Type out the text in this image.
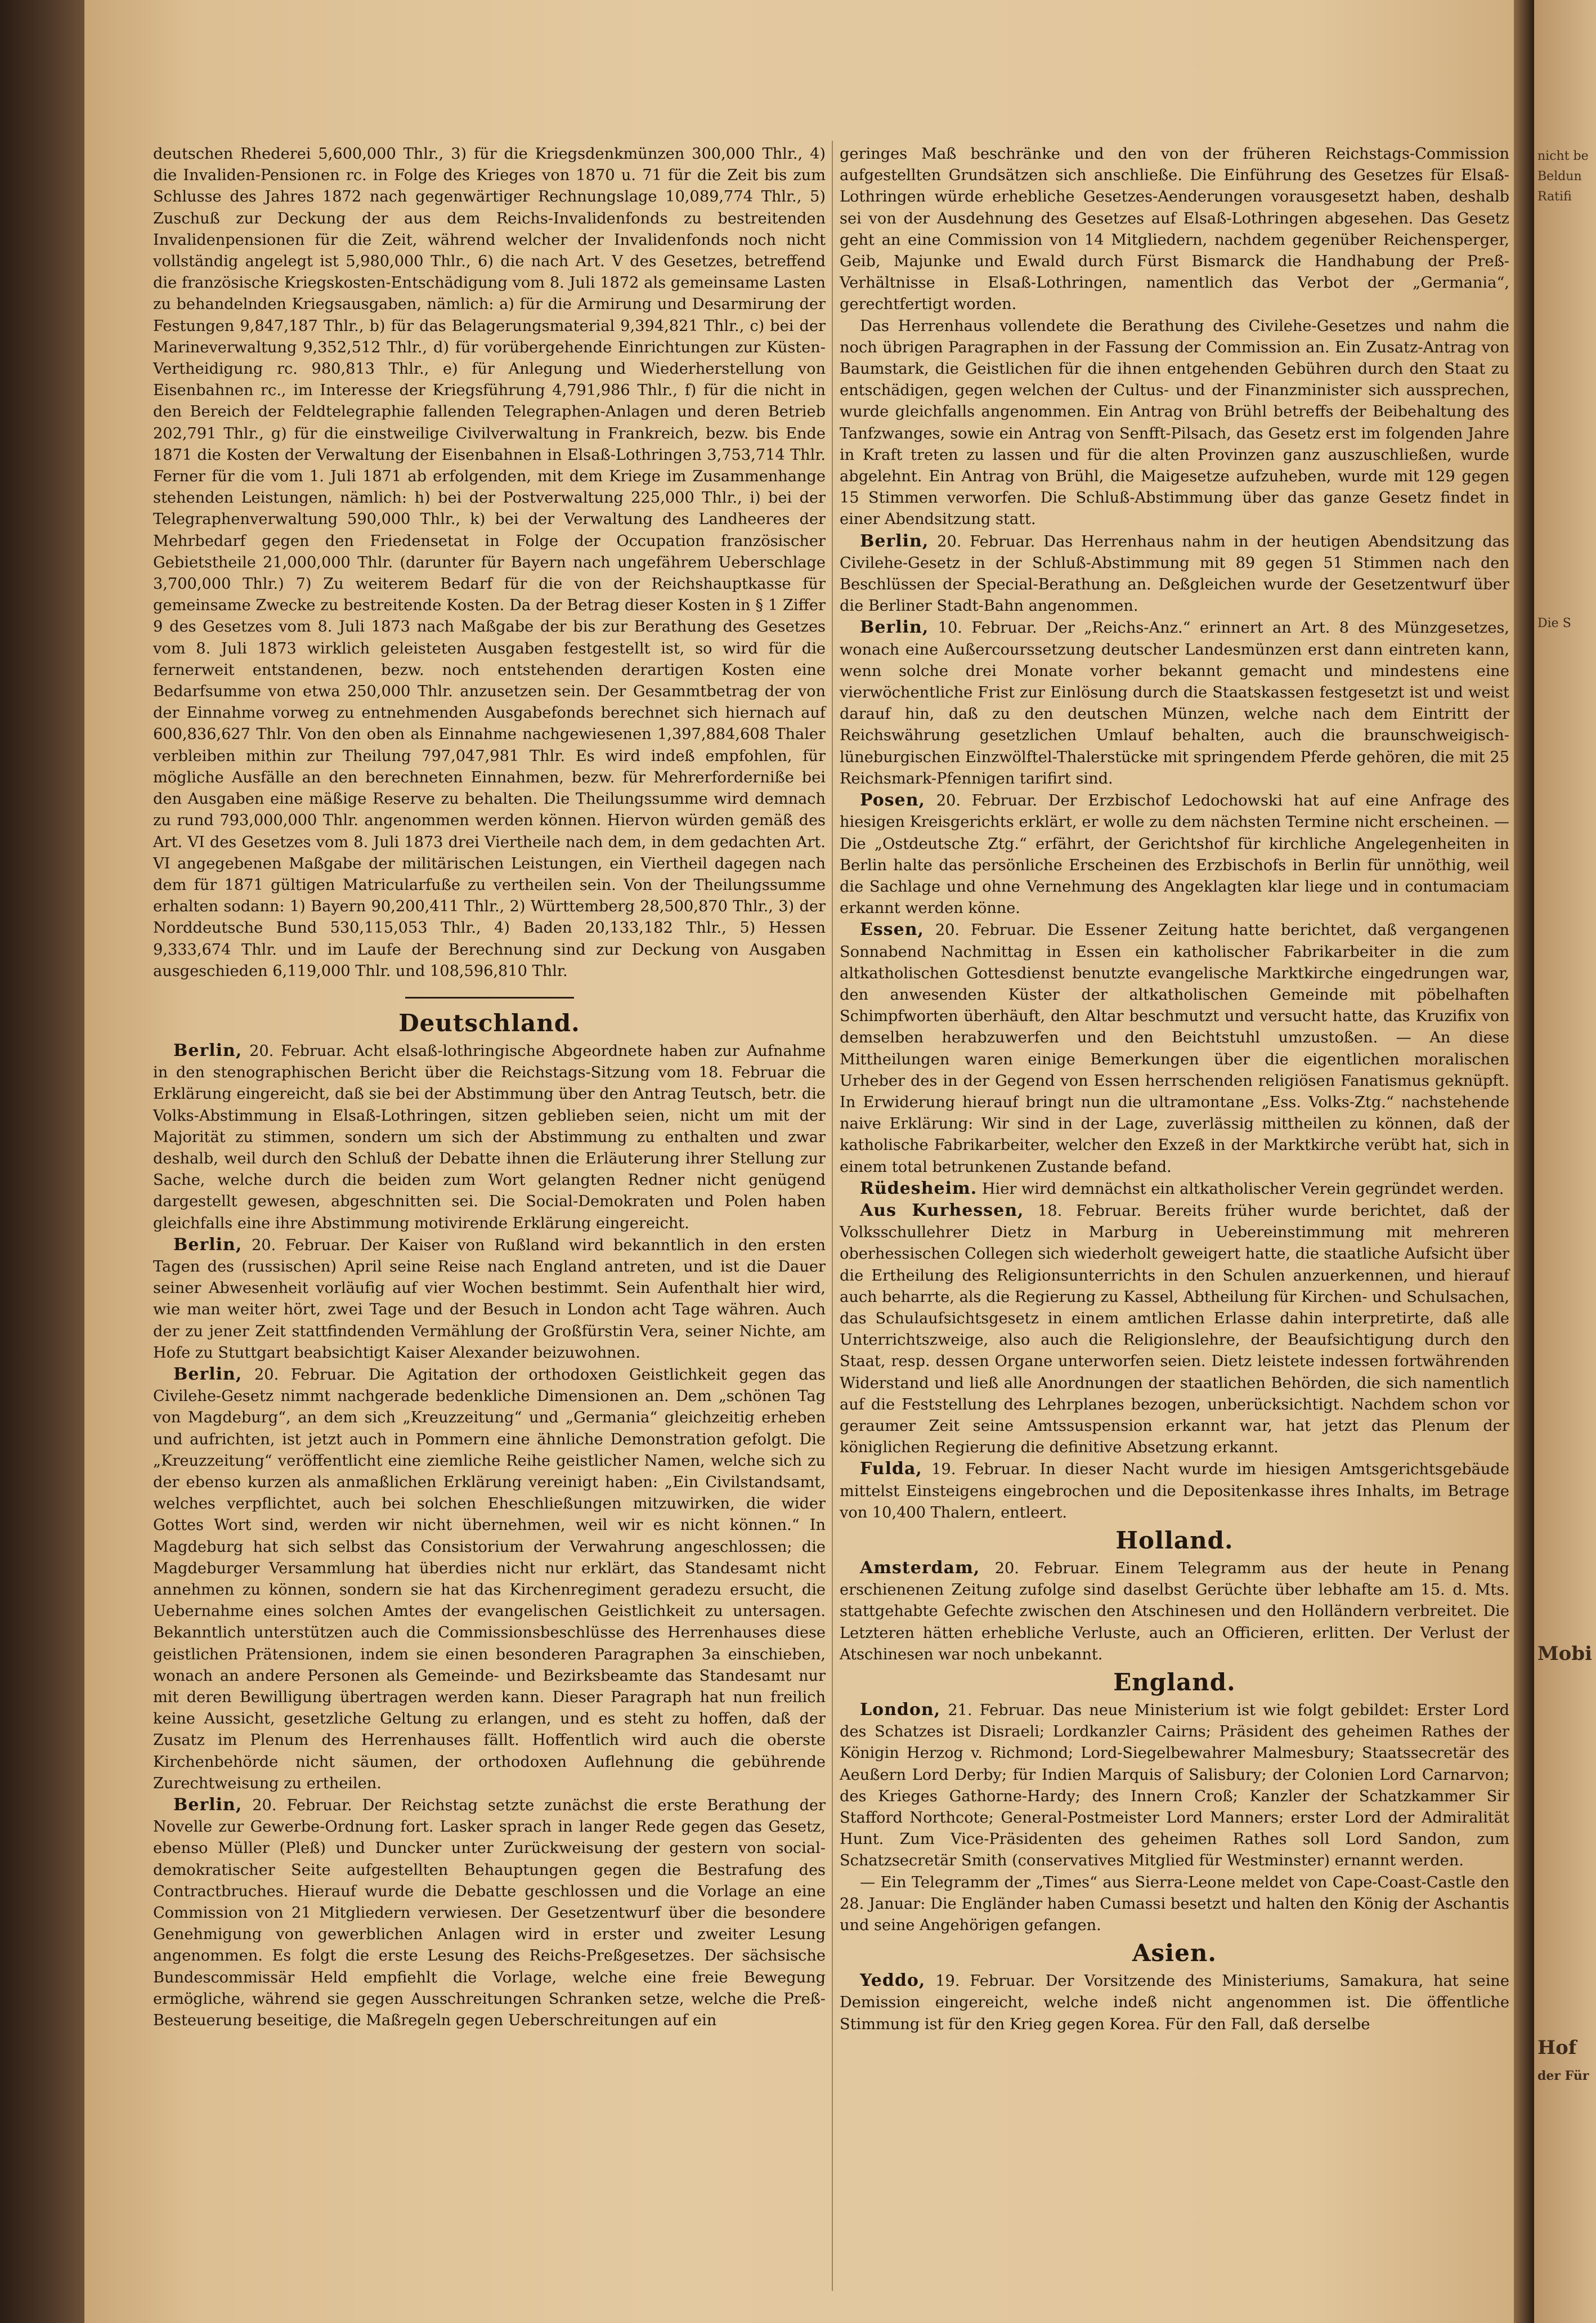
deutschen Rhederei 5,600,000 Thlr., 3) für die Kriegsdenkmünzen 300,000 Thlr., 4) die Invaliden-Pensionen rc. in Folge des Krieges von 1870 u. 71 für die Zeit bis zum Schlusse des Jahres 1872 nach gegenwärtiger Rechnungslage 10,089,774 Thlr., 5) Zuschuß zur Deckung der aus dem Reichs-Invalidenfonds zu bestreitenden Invalidenpensionen für die Zeit, während welcher der Invalidenfonds noch nicht vollständig angelegt ist 5,980,000 Thlr., 6) die nach Art. V des Gesetzes, betreffend die französische Kriegskosten-Entschädigung vom 8. Juli 1872 als gemeinsame Lasten zu behandelnden Kriegsausgaben, nämlich: a) für die Armirung und Desarmirung der Festungen 9,847,187 Thlr., b) für das Belagerungsmaterial 9,394,821 Thlr., c) bei der Marineverwaltung 9,352,512 Thlr., d) für vorübergehende Einrichtungen zur Küsten-Vertheidigung rc. 980,813 Thlr., e) für Anlegung und Wiederherstellung von Eisenbahnen rc., im Interesse der Kriegsführung 4,791,986 Thlr., f) für die nicht in den Bereich der Feldtelegraphie fallenden Telegraphen-Anlagen und deren Betrieb 202,791 Thlr., g) für die einstweilige Civilverwaltung in Frankreich, bezw. bis Ende 1871 die Kosten der Verwaltung der Eisenbahnen in Elsaß-Lothringen 3,753,714 Thlr. Ferner für die vom 1. Juli 1871 ab erfolgenden, mit dem Kriege im Zusammenhange stehenden Leistungen, nämlich: h) bei der Postverwaltung 225,000 Thlr., i) bei der Telegraphenverwaltung 590,000 Thlr., k) bei der Verwaltung des Landheeres der Mehrbedarf gegen den Friedensetat in Folge der Occupation französischer Gebietstheile 21,000,000 Thlr. (darunter für Bayern nach ungefährem Ueberschlage 3,700,000 Thlr.) 7) Zu weiterem Bedarf für die von der Reichshauptkasse für gemeinsame Zwecke zu bestreitende Kosten. Da der Betrag dieser Kosten in § 1 Ziffer 9 des Gesetzes vom 8. Juli 1873 nach Maßgabe der bis zur Berathung des Gesetzes vom 8. Juli 1873 wirklich geleisteten Ausgaben festgestellt ist, so wird für die fernerweit entstandenen, bezw. noch entstehenden derartigen Kosten eine Bedarfsumme von etwa 250,000 Thlr. anzusetzen sein. Der Gesammtbetrag der von der Einnahme vorweg zu entnehmenden Ausgabefonds berechnet sich hiernach auf 600,836,627 Thlr. Von den oben als Einnahme nachgewiesenen 1,397,884,608 Thaler verbleiben mithin zur Theilung 797,047,981 Thlr. Es wird indeß empfohlen, für mögliche Ausfälle an den berechneten Einnahmen, bezw. für Mehrerforderniße bei den Ausgaben eine mäßige Reserve zu behalten. Die Theilungssumme wird demnach zu rund 793,000,000 Thlr. angenommen werden können. Hiervon würden gemäß des Art. VI des Gesetzes vom 8. Juli 1873 drei Viertheile nach dem, in dem gedachten Art. VI angegebenen Maßgabe der militärischen Leistungen, ein Viertheil dagegen nach dem für 1871 gültigen Matricularfuße zu vertheilen sein. Von der Theilungssumme erhalten sodann: 1) Bayern 90,200,411 Thlr., 2) Württemberg 28,500,870 Thlr., 3) der Norddeutsche Bund 530,115,053 Thlr., 4) Baden 20,133,182 Thlr., 5) Hessen 9,333,674 Thlr. und im Laufe der Berechnung sind zur Deckung von Ausgaben ausgeschieden 6,119,000 Thlr. und 108,596,810 Thlr.

Deutschland.

Berlin, 20. Februar. Acht elsaß-lothringische Abgeordnete haben zur Aufnahme in den stenographischen Bericht über die Reichstags-Sitzung vom 18. Februar die Erklärung eingereicht, daß sie bei der Abstimmung über den Antrag Teutsch, betr. die Volks-Abstimmung in Elsaß-Lothringen, sitzen geblieben seien, nicht um mit der Majorität zu stimmen, sondern um sich der Abstimmung zu enthalten und zwar deshalb, weil durch den Schluß der Debatte ihnen die Erläuterung ihrer Stellung zur Sache, welche durch die beiden zum Wort gelangten Redner nicht genügend dargestellt gewesen, abgeschnitten sei. Die Social-Demokraten und Polen haben gleichfalls eine ihre Abstimmung motivirende Erklärung eingereicht.

Berlin, 20. Februar. Der Kaiser von Rußland wird bekanntlich in den ersten Tagen des (russischen) April seine Reise nach England antreten, und ist die Dauer seiner Abwesenheit vorläufig auf vier Wochen bestimmt. Sein Aufenthalt hier wird, wie man weiter hört, zwei Tage und der Besuch in London acht Tage währen. Auch der zu jener Zeit stattfindenden Vermählung der Großfürstin Vera, seiner Nichte, am Hofe zu Stuttgart beabsichtigt Kaiser Alexander beizuwohnen.

Berlin, 20. Februar. Die Agitation der orthodoxen Geistlichkeit gegen das Civilehe-Gesetz nimmt nachgerade bedenkliche Dimensionen an. Dem „schönen Tag von Magdeburg“, an dem sich „Kreuzzeitung“ und „Germania“ gleichzeitig erheben und aufrichten, ist jetzt auch in Pommern eine ähnliche Demonstration gefolgt. Die „Kreuzzeitung“ veröffentlicht eine ziemliche Reihe geistlicher Namen, welche sich zu der ebenso kurzen als anmaßlichen Erklärung vereinigt haben: „Ein Civilstandsamt, welches verpflichtet, auch bei solchen Eheschließungen mitzuwirken, die wider Gottes Wort sind, werden wir nicht übernehmen, weil wir es nicht können.“ In Magdeburg hat sich selbst das Consistorium der Verwahrung angeschlossen; die Magdeburger Versammlung hat überdies nicht nur erklärt, das Standesamt nicht annehmen zu können, sondern sie hat das Kirchenregiment geradezu ersucht, die Uebernahme eines solchen Amtes der evangelischen Geistlichkeit zu untersagen. Bekanntlich unterstützen auch die Commissionsbeschlüsse des Herrenhauses diese geistlichen Prätensionen, indem sie einen besonderen Paragraphen 3a einschieben, wonach an andere Personen als Gemeinde- und Bezirksbeamte das Standesamt nur mit deren Bewilligung übertragen werden kann. Dieser Paragraph hat nun freilich keine Aussicht, gesetzliche Geltung zu erlangen, und es steht zu hoffen, daß der Zusatz im Plenum des Herrenhauses fällt. Hoffentlich wird auch die oberste Kirchenbehörde nicht säumen, der orthodoxen Auflehnung die gebührende Zurechtweisung zu ertheilen.

Berlin, 20. Februar. Der Reichstag setzte zunächst die erste Berathung der Novelle zur Gewerbe-Ordnung fort. Lasker sprach in langer Rede gegen das Gesetz, ebenso Müller (Pleß) und Duncker unter Zurückweisung der gestern von social-demokratischer Seite aufgestellten Behauptungen gegen die Bestrafung des Contractbruches. Hierauf wurde die Debatte geschlossen und die Vorlage an eine Commission von 21 Mitgliedern verwiesen. Der Gesetzentwurf über die besondere Genehmigung von gewerblichen Anlagen wird in erster und zweiter Lesung angenommen. Es folgt die erste Lesung des Reichs-Preßgesetzes. Der sächsische Bundescommissär Held empfiehlt die Vorlage, welche eine freie Bewegung ermögliche, während sie gegen Ausschreitungen Schranken setze, welche die Preß-Besteuerung beseitige, die Maßregeln gegen Ueberschreitungen auf ein

geringes Maß beschränke und den von der früheren Reichstags-Commission aufgestellten Grundsätzen sich anschließe. Die Einführung des Gesetzes für Elsaß-Lothringen würde erhebliche Gesetzes-Aenderungen vorausgesetzt haben, deshalb sei von der Ausdehnung des Gesetzes auf Elsaß-Lothringen abgesehen. Das Gesetz geht an eine Commission von 14 Mitgliedern, nachdem gegenüber Reichensperger, Geib, Majunke und Ewald durch Fürst Bismarck die Handhabung der Preß-Verhältnisse in Elsaß-Lothringen, namentlich das Verbot der „Germania“, gerechtfertigt worden.

Das Herrenhaus vollendete die Berathung des Civilehe-Gesetzes und nahm die noch übrigen Paragraphen in der Fassung der Commission an. Ein Zusatz-Antrag von Baumstark, die Geistlichen für die ihnen entgehenden Gebühren durch den Staat zu entschädigen, gegen welchen der Cultus- und der Finanzminister sich aussprechen, wurde gleichfalls angenommen. Ein Antrag von Brühl betreffs der Beibehaltung des Tanfzwanges, sowie ein Antrag von Senfft-Pilsach, das Gesetz erst im folgenden Jahre in Kraft treten zu lassen und für die alten Provinzen ganz auszuschließen, wurde abgelehnt. Ein Antrag von Brühl, die Maigesetze aufzuheben, wurde mit 129 gegen 15 Stimmen verworfen. Die Schluß-Abstimmung über das ganze Gesetz findet in einer Abendsitzung statt.

Berlin, 20. Februar. Das Herrenhaus nahm in der heutigen Abendsitzung das Civilehe-Gesetz in der Schluß-Abstimmung mit 89 gegen 51 Stimmen nach den Beschlüssen der Special-Berathung an. Deßgleichen wurde der Gesetzentwurf über die Berliner Stadt-Bahn angenommen.

Berlin, 10. Februar. Der „Reichs-Anz.“ erinnert an Art. 8 des Münzgesetzes, wonach eine Außercourssetzung deutscher Landesmünzen erst dann eintreten kann, wenn solche drei Monate vorher bekannt gemacht und mindestens eine vierwöchentliche Frist zur Einlösung durch die Staatskassen festgesetzt ist und weist darauf hin, daß zu den deutschen Münzen, welche nach dem Eintritt der Reichswährung gesetzlichen Umlauf behalten, auch die braunschweigisch-lüneburgischen Einzwölftel-Thalerstücke mit springendem Pferde gehören, die mit 25 Reichsmark-Pfennigen tarifirt sind.

Posen, 20. Februar. Der Erzbischof Ledochowski hat auf eine Anfrage des hiesigen Kreisgerichts erklärt, er wolle zu dem nächsten Termine nicht erscheinen. — Die „Ostdeutsche Ztg.“ erfährt, der Gerichtshof für kirchliche Angelegenheiten in Berlin halte das persönliche Erscheinen des Erzbischofs in Berlin für unnöthig, weil die Sachlage und ohne Vernehmung des Angeklagten klar liege und in contumaciam erkannt werden könne.

Essen, 20. Februar. Die Essener Zeitung hatte berichtet, daß vergangenen Sonnabend Nachmittag in Essen ein katholischer Fabrikarbeiter in die zum altkatholischen Gottesdienst benutzte evangelische Marktkirche eingedrungen war, den anwesenden Küster der altkatholischen Gemeinde mit pöbelhaften Schimpfworten überhäuft, den Altar beschmutzt und versucht hatte, das Kruzifix von demselben herabzuwerfen und den Beichtstuhl umzustoßen. — An diese Mittheilungen waren einige Bemerkungen über die eigentlichen moralischen Urheber des in der Gegend von Essen herrschenden religiösen Fanatismus geknüpft. In Erwiderung hierauf bringt nun die ultramontane „Ess. Volks-Ztg.“ nachstehende naive Erklärung: Wir sind in der Lage, zuverlässig mittheilen zu können, daß der katholische Fabrikarbeiter, welcher den Exzeß in der Marktkirche verübt hat, sich in einem total betrunkenen Zustande befand.

Rüdesheim. Hier wird demnächst ein altkatholischer Verein gegründet werden.

Aus Kurhessen, 18. Februar. Bereits früher wurde berichtet, daß der Volksschullehrer Dietz in Marburg in Uebereinstimmung mit mehreren oberhessischen Collegen sich wiederholt geweigert hatte, die staatliche Aufsicht über die Ertheilung des Religionsunterrichts in den Schulen anzuerkennen, und hierauf auch beharrte, als die Regierung zu Kassel, Abtheilung für Kirchen- und Schulsachen, das Schulaufsichtsgesetz in einem amtlichen Erlasse dahin interpretirte, daß alle Unterrichtszweige, also auch die Religionslehre, der Beaufsichtigung durch den Staat, resp. dessen Organe unterworfen seien. Dietz leistete indessen fortwährenden Widerstand und ließ alle Anordnungen der staatlichen Behörden, die sich namentlich auf die Feststellung des Lehrplanes bezogen, unberücksichtigt. Nachdem schon vor geraumer Zeit seine Amtssuspension erkannt war, hat jetzt das Plenum der königlichen Regierung die definitive Absetzung erkannt.

Fulda, 19. Februar. In dieser Nacht wurde im hiesigen Amtsgerichtsgebäude mittelst Einsteigens eingebrochen und die Depositenkasse ihres Inhalts, im Betrage von 10,400 Thalern, entleert.

Holland.

Amsterdam, 20. Februar. Einem Telegramm aus der heute in Penang erschienenen Zeitung zufolge sind daselbst Gerüchte über lebhafte am 15. d. Mts. stattgehabte Gefechte zwischen den Atschinesen und den Holländern verbreitet. Die Letzteren hätten erhebliche Verluste, auch an Officieren, erlitten. Der Verlust der Atschinesen war noch unbekannt.

England.

London, 21. Februar. Das neue Ministerium ist wie folgt gebildet: Erster Lord des Schatzes ist Disraeli; Lordkanzler Cairns; Präsident des geheimen Rathes der Königin Herzog v. Richmond; Lord-Siegelbewahrer Malmesbury; Staatssecretär des Aeußern Lord Derby; für Indien Marquis of Salisbury; der Colonien Lord Carnarvon; des Krieges Gathorne-Hardy; des Innern Croß; Kanzler der Schatzkammer Sir Stafford Northcote; General-Postmeister Lord Manners; erster Lord der Admiralität Hunt. Zum Vice-Präsidenten des geheimen Rathes soll Lord Sandon, zum Schatzsecretär Smith (conservatives Mitglied für Westminster) ernannt werden.

— Ein Telegramm der „Times“ aus Sierra-Leone meldet von Cape-Coast-Castle den 28. Januar: Die Engländer haben Cumassi besetzt und halten den König der Aschantis und seine Angehörigen gefangen.

Asien.

Yeddo, 19. Februar. Der Vorsitzende des Ministeriums, Samakura, hat seine Demission eingereicht, welche indeß nicht angenommen ist. Die öffentliche Stimmung ist für den Krieg gegen Korea. Für den Fall, daß derselbe

nicht be
Beldun
Ratifi
Die S
Mobi
Hof
der Für
